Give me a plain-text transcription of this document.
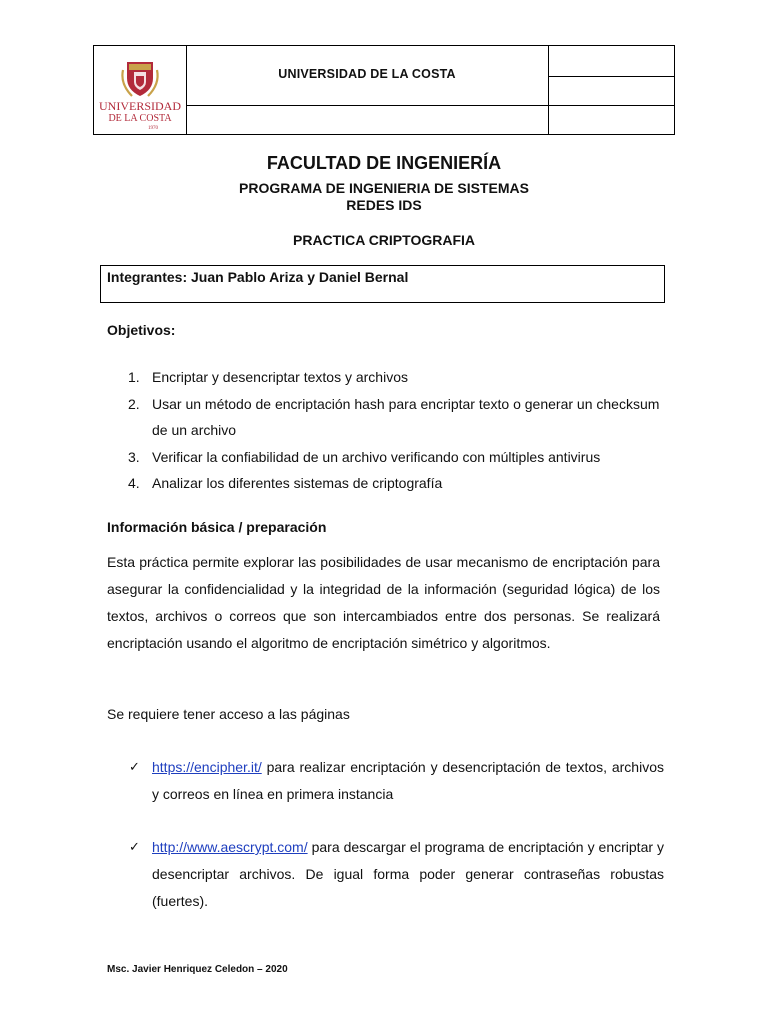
UNIVERSIDAD
DE LA COSTA
1970
UNIVERSIDAD DE LA COSTA
FACULTAD DE INGENIERÍA
PROGRAMA DE INGENIERIA DE SISTEMAS
REDES IDS
PRACTICA CRIPTOGRAFIA
Integrantes: Juan Pablo Ariza y Daniel Bernal
Objetivos:
1. Encriptar y desencriptar textos y archivos
2. Usar un método de encriptación hash para encriptar texto o generar un checksum de un archivo
3. Verificar la confiabilidad de un archivo verificando con múltiples antivirus
4. Analizar los diferentes sistemas de criptografía
Información básica / preparación
Esta práctica permite explorar las posibilidades de usar mecanismo de encriptación para asegurar la confidencialidad y la integridad de la información (seguridad lógica) de los textos, archivos o correos que son intercambiados entre dos personas. Se realizará encriptación usando el algoritmo de encriptación simétrico y algoritmos.
Se requiere tener acceso a las páginas
✓ https://encipher.it/ para realizar encriptación y desencriptación de textos, archivos y correos en línea en primera instancia
✓ http://www.aescrypt.com/ para descargar el programa de encriptación y encriptar y desencriptar archivos. De igual forma poder generar contraseñas robustas (fuertes).
Msc. Javier Henriquez Celedon – 2020
